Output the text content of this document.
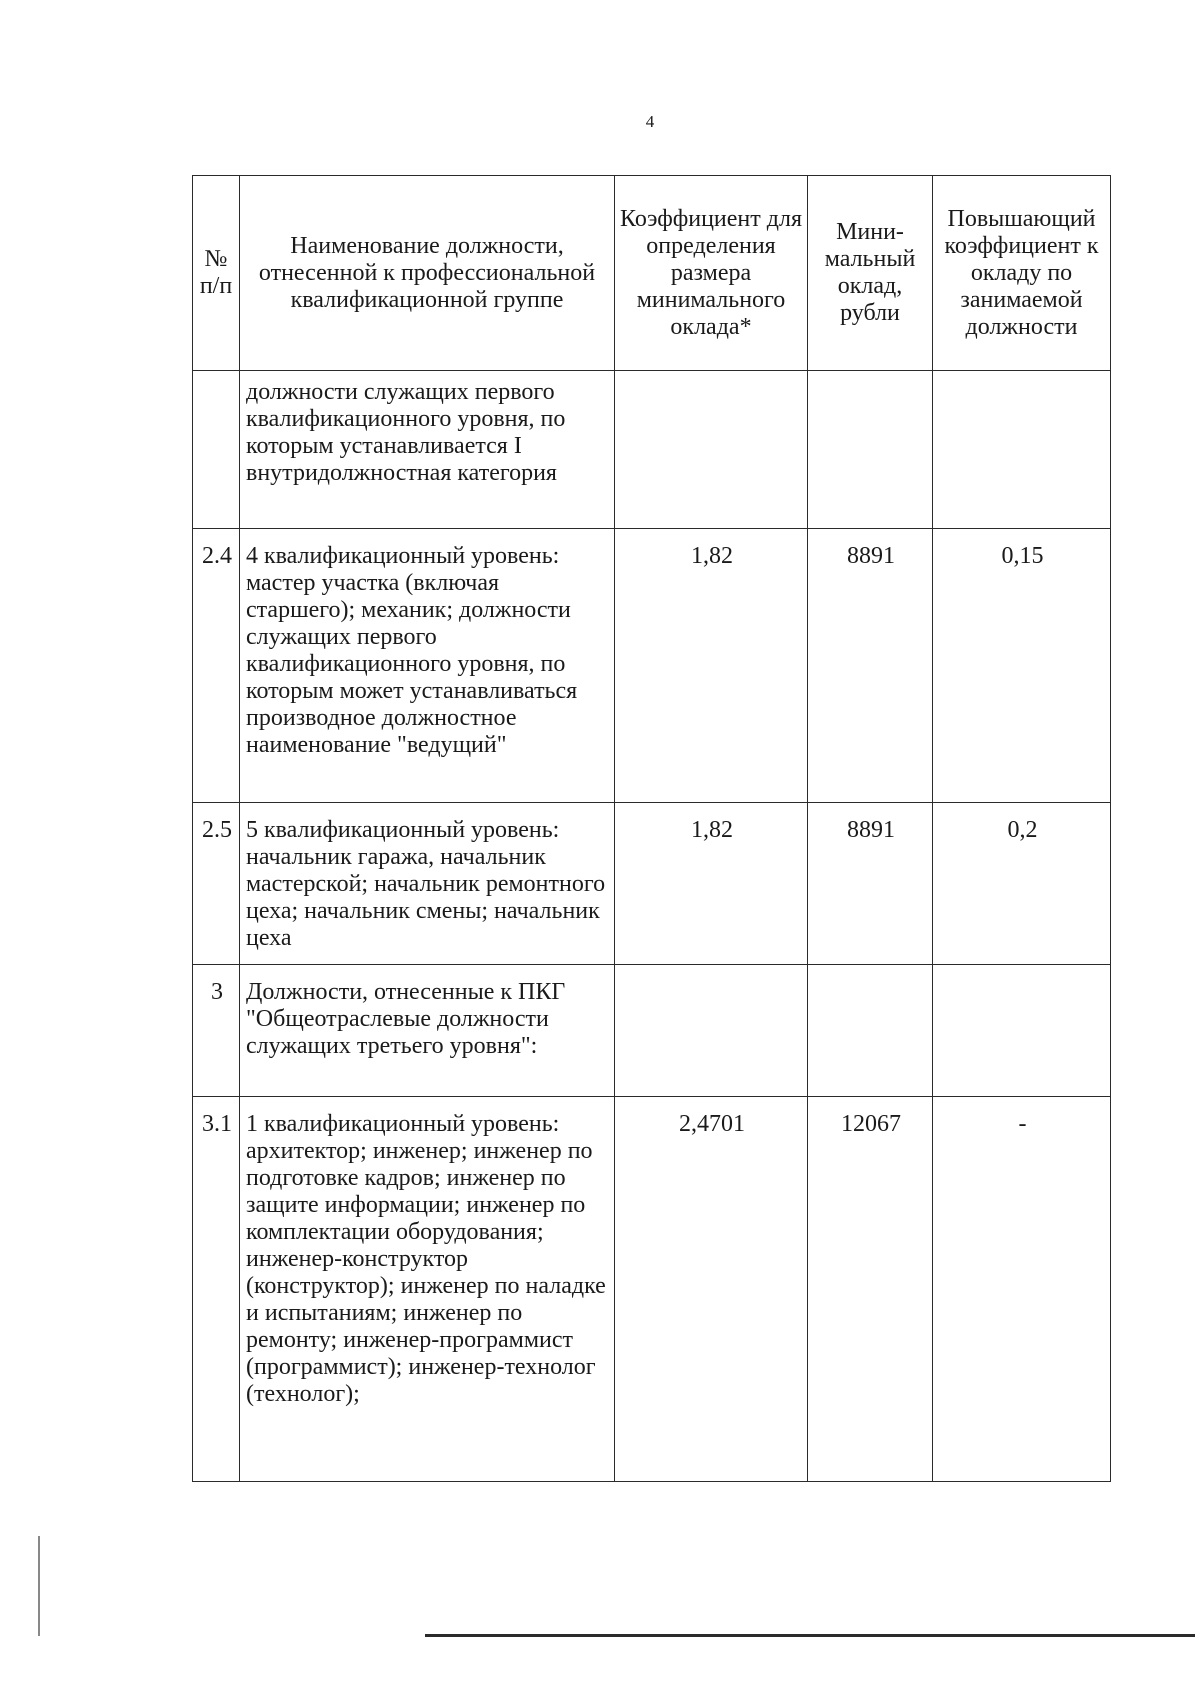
4
№ п/п	Наименование должности, отнесенной к профессиональной квалификационной группе	Коэффициент для определения размера минимального оклада*	Мини-мальный оклад, рубли	Повышающий коэффициент к окладу по занимаемой должности
	должности служащих первого квалификационного уровня, по которым устанавливается I внутридолжностная категория			
2.4	4 квалификационный уровень: мастер участка (включая старшего); механик; должности служащих первого квалификационного уровня, по которым может устанавливаться производное должностное наименование "ведущий"	1,82	8891	0,15
2.5	5 квалификационный уровень: начальник гаража, начальник мастерской; начальник ремонтного цеха; начальник смены; начальник цеха	1,82	8891	0,2
3	Должности, отнесенные к ПКГ "Общеотраслевые должности служащих третьего уровня":			
3.1	1 квалификационный уровень: архитектор; инженер; инженер по подготовке кадров; инженер по защите информации; инженер по комплектации оборудования; инженер-конструктор (конструктор); инженер по наладке и испытаниям; инженер по ремонту; инженер-программист (программист); инженер-технолог (технолог);	2,4701	12067	-
